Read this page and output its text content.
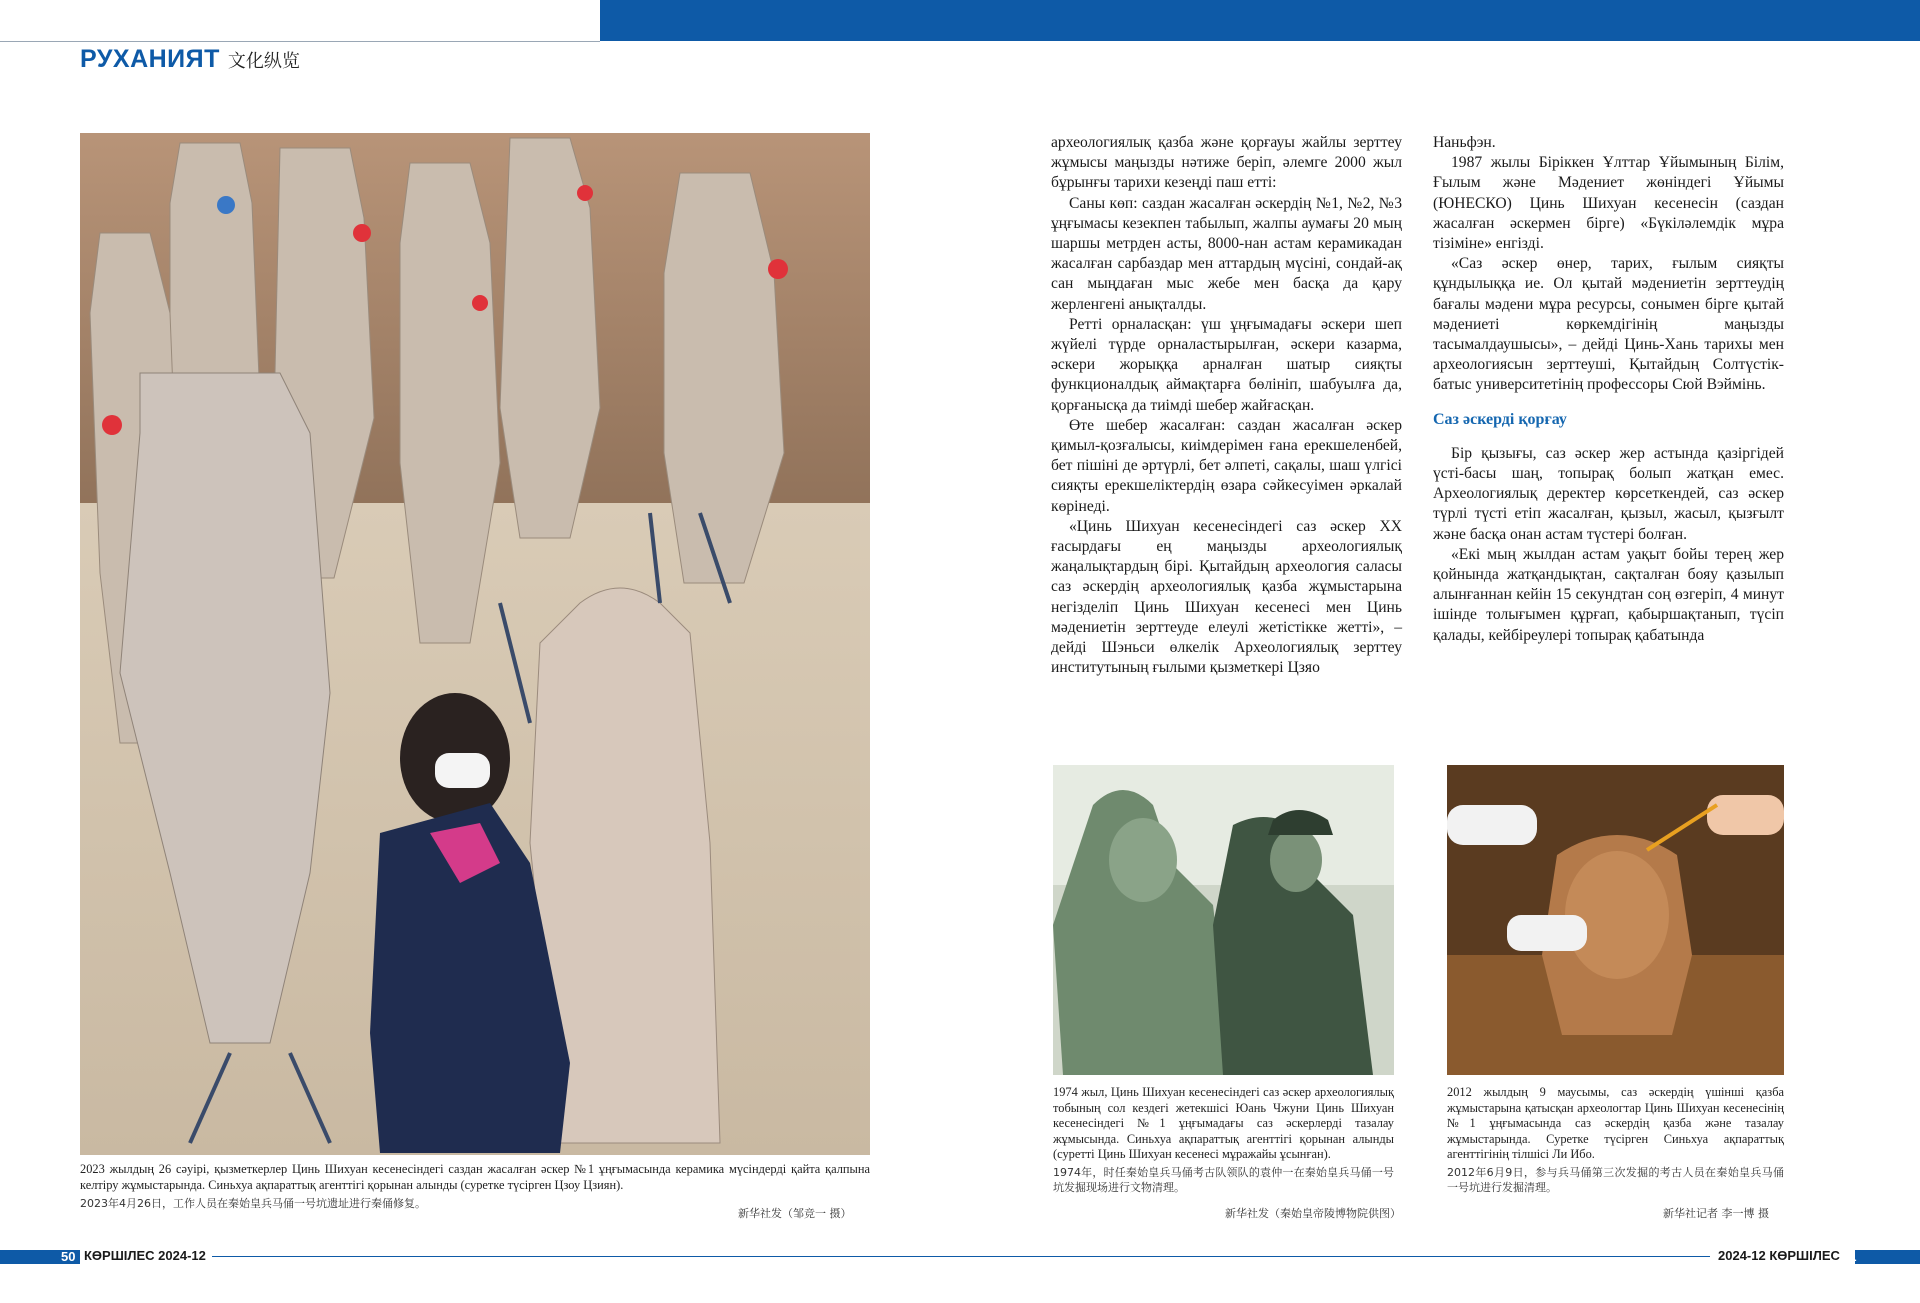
РУХАНИЯТ 文化纵览
2023 жылдың 26 сәуірі, қызметкерлер Цинь Шихуан кесенесіндегі саздан жасалған әскер №1 ұңғымасында керамика мүсіндерді қайта қалпына келтіру жұмыстарында. Синьхуа ақпараттық агенттігі қорынан алынды (суретке түсірген Цзоу Цзиян).
2023年4月26日，工作人员在秦始皇兵马俑一号坑遗址进行秦俑修复。
新华社发（邹竞一 摄）

археологиялық қазба және қорғауы жайлы зерттеу жұмысы маңызды нәтиже беріп, әлемге 2000 жыл бұрынғы тарихи кезеңді паш етті:

Саны көп: саздан жасалған әскердің №1, №2, №3 ұңғымасы кезекпен табылып, жалпы аумағы 20 мың шаршы метрден асты, 8000-нан астам керамикадан жасалған сарбаздар мен аттардың мүсіні, сондай-ақ сан мыңдаған мыс жебе мен басқа да қару жерленгені анықталды.

Ретті орналасқан: үш ұңғымадағы әскери шеп жүйелі түрде орналастырылған, әскери казарма, әскери жорыққа арналған шатыр сияқты функционалдық аймақтарға бөлініп, шабуылға да, қорғанысқа да тиімді шебер жайғасқан.

Өте шебер жасалған: саздан жасалған әскер қимыл-қозғалысы, киімдерімен ғана ерекшеленбей, бет пішіні де әртүрлі, бет әлпеті, сақалы, шаш үлгісі сияқты ерекшеліктердің өзара сәйкесуімен әркалай көрінеді.

«Цинь Шихуан кесенесіндегі саз әскер XX ғасырдағы ең маңызды археологиялық жаңалықтардың бірі. Қытайдың археология саласы саз әскердің археологиялық қазба жұмыстарына негізделіп Цинь Шихуан кесенесі мен Цинь мәдениетін зерттеуде елеулі жетістікке жетті», – дейді Шэньси өлкелік Археологиялық зерттеу институтының ғылыми қызметкері Цзяо

Наньфэн.

1987 жылы Біріккен Ұлттар Ұйымының Білім, Ғылым және Мәдениет жөніндегі Ұйымы (ЮНЕСКО) Цинь Шихуан кесенесін (саздан жасалған әскермен бірге) «Бүкіләлемдік мұра тізіміне» енгізді.

«Саз әскер өнер, тарих, ғылым сияқты құндылыққа ие. Ол қытай мәдениетін зерттеудің бағалы мәдени мұра ресурсы, сонымен бірге қытай мәдениеті көркемдігінің маңызды тасымалдаушысы», – дейді Цинь-Хань тарихы мен археологиясын зерттеуші, Қытайдың Солтүстік-батыс университетінің профессоры Сюй Вэймінь.

Саз әскерді қорғау

Бір қызығы, саз әскер жер астында қазіргідей үсті-басы шаң, топырақ болып жатқан емес. Археологиялық деректер көрсеткендей, саз әскер түрлі түсті етіп жасалған, қызыл, жасыл, қызғылт және басқа онан астам түстері болған.

«Екі мың жылдан астам уақыт бойы терең жер қойнында жатқандықтан, сақталған бояу қазылып алынғаннан кейін 15 секундтан соң өзгеріп, 4 минут ішінде толығымен құрғап, қабыршақтанып, түсіп қалады, кейбіреулері топырақ қабатында

1974 жыл, Цинь Шихуан кесенесіндегі саз әскер археологиялық тобының сол кездегі жетекшісі Юань Чжуни Цинь Шихуан кесенесіндегі №1 ұңғымадағы саз әскерлерді тазалау жұмысында. Синьхуа ақпараттық агенттігі қорынан алынды (суретті Цинь Шихуан кесенесі мұражайы ұсынған).
1974年，时任秦始皇兵马俑考古队领队的袁仲一在秦始皇兵马俑一号坑发掘现场进行文物清理。
新华社发（秦始皇帝陵博物院供图）
2012 жылдың 9 маусымы, саз әскердің үшінші қазба жұмыстарына қатысқан археологтар Цинь Шихуан кесенесінің №1 ұңғымасында саз әскердің қазба және тазалау жұмыстарында. Суретке түсірген Синьхуа ақпараттық агенттігінің тілшісі Ли Ибо.
2012年6月9日，参与兵马俑第三次发掘的考古人员在秦始皇兵马俑一号坑进行发掘清理。
新华社记者 李一博 摄
50 КӨРШІЛЕС 2024-12	2024-12 КӨРШІЛЕС 51
